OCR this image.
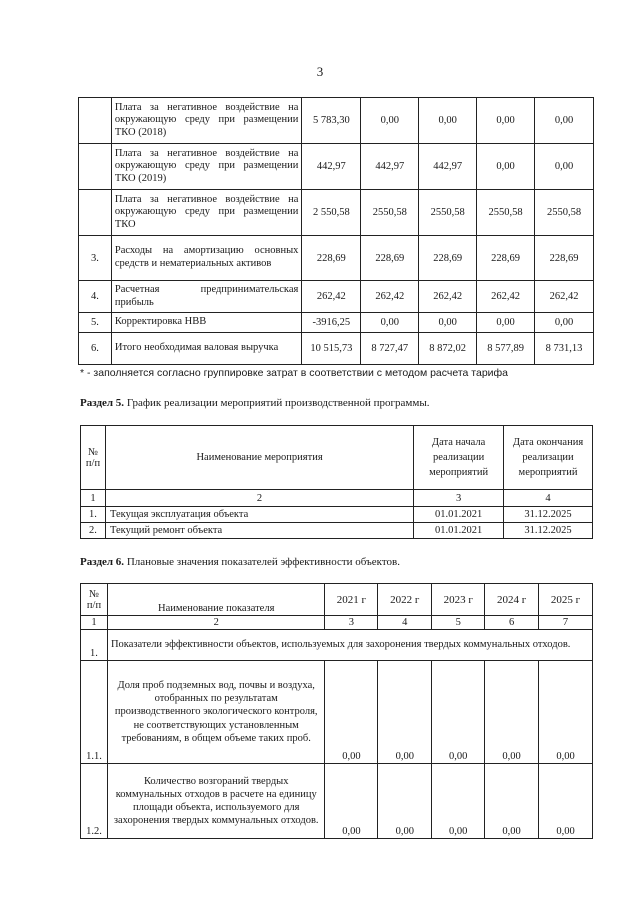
3
	Плата за негативное воздействие на окружающую среду при размещении ТКО (2018)	5 783,30	0,00	0,00	0,00	0,00
	Плата за негативное воздействие на окружающую среду при размещении ТКО (2019)	442,97	442,97	442,97	0,00	0,00
	Плата за негативное воздействие на окружающую среду при размещении ТКО	2 550,58	2550,58	2550,58	2550,58	2550,58
3.	Расходы на амортизацию основных средств и нематериальных активов	228,69	228,69	228,69	228,69	228,69
4.	Расчетная предпринимательская прибыль	262,42	262,42	262,42	262,42	262,42
5.	Корректировка НВВ	-3916,25	0,00	0,00	0,00	0,00
6.	Итого необходимая валовая выручка	10 515,73	8 727,47	8 872,02	8 577,89	8 731,13
* - заполняется согласно группировке затрат в соответствии с методом расчета тарифа
Раздел 5. График реализации мероприятий производственной программы.
№ п/п	Наименование мероприятия	Дата начала реализации мероприятий	Дата окончания реализации мероприятий
1	2	3	4
1.	Текущая эксплуатация объекта	01.01.2021	31.12.2025
2.	Текущий ремонт объекта	01.01.2021	31.12.2025
Раздел 6. Плановые значения показателей эффективности объектов.
№ п/п	Наименование показателя	2021 г	2022 г	2023 г	2024 г	2025 г
1	2	3	4	5	6	7
1.	Показатели эффективности объектов, используемых для захоронения твердых коммунальных отходов.					
1.1.	Доля проб подземных вод, почвы и воздуха, отобранных по результатам производственного экологического контроля, не соответствующих установленным требованиям, в общем объеме таких проб.	0,00	0,00	0,00	0,00	0,00
1.2.	Количество возгораний твердых коммунальных отходов в расчете на единицу площади объекта, используемого для захоронения твердых коммунальных отходов.	0,00	0,00	0,00	0,00	0,00
